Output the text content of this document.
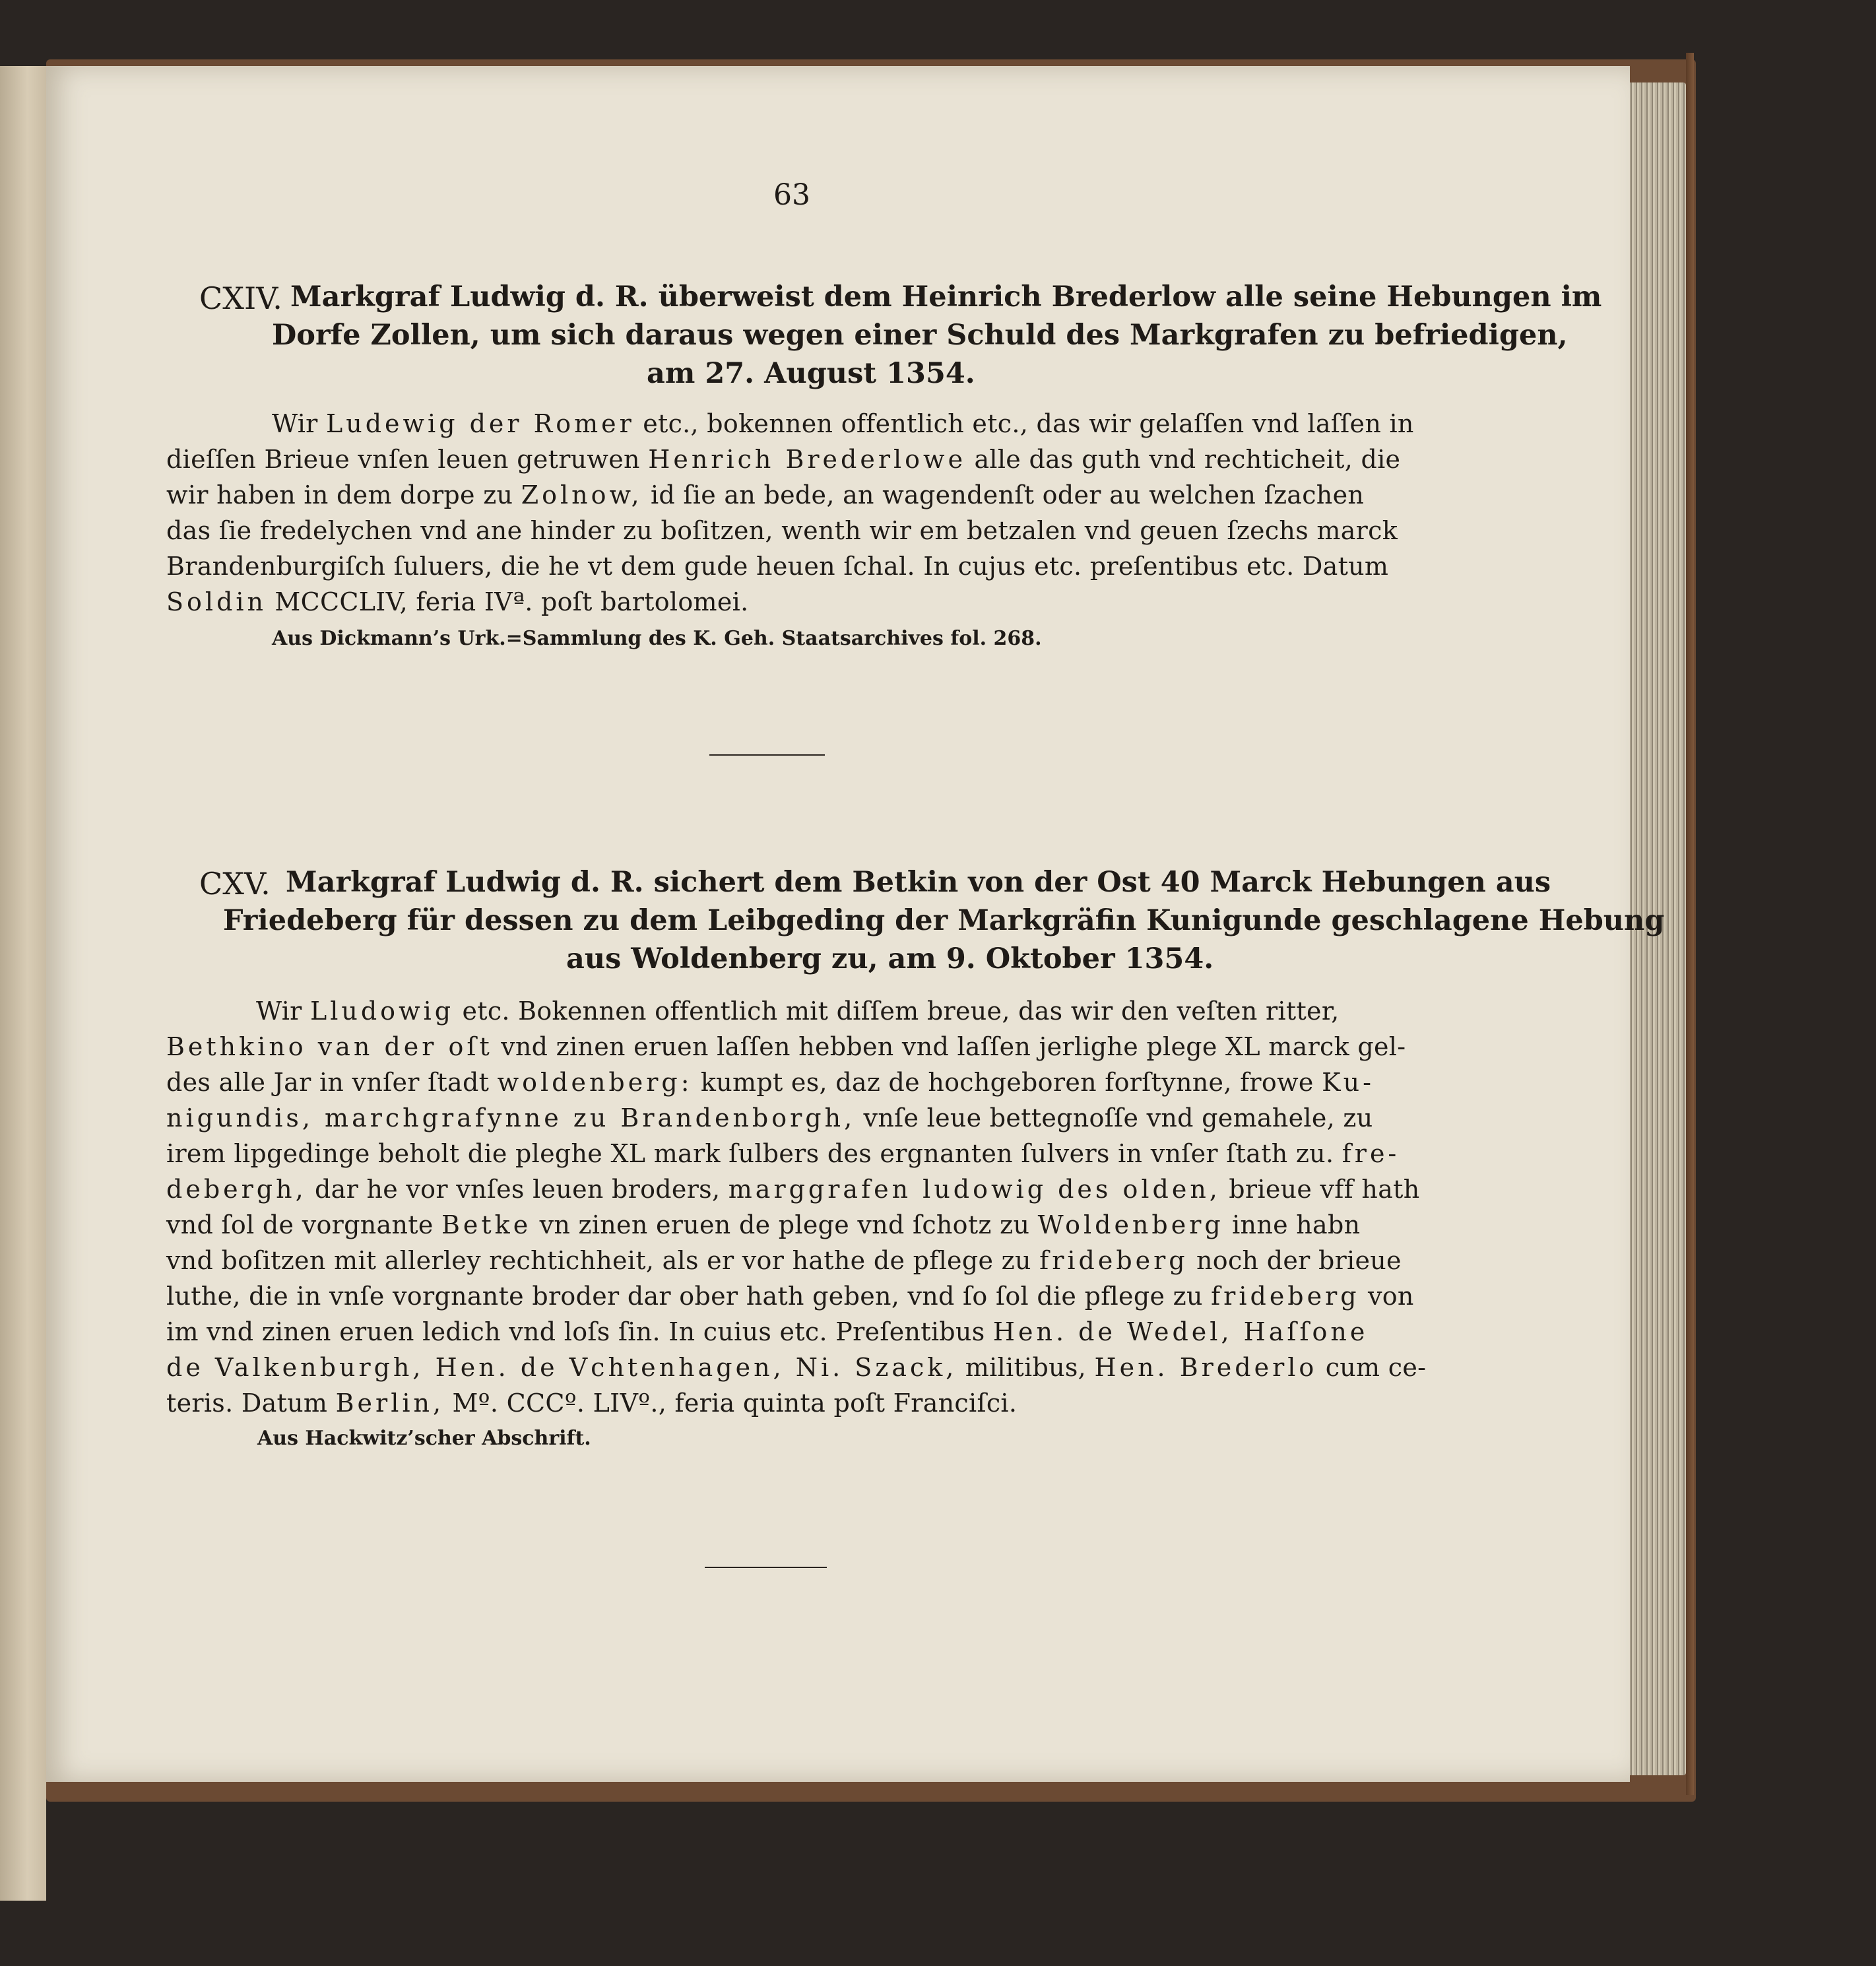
63
CXIV. Markgraf Ludwig d. R. überweist dem Heinrich Brederlow alle seine Hebungen im
Dorfe Zollen, um sich daraus wegen einer Schuld des Markgrafen zu befriedigen,
am 27. August 1354.
Wir Ludewig der Romer etc., bokennen offentlich etc., das wir gelaſſen vnd laſſen in
dieſſen Brieue vnſen leuen getruwen Henrich Brederlowe alle das guth vnd rechticheit, die
wir haben in dem dorpe zu Zolnow, id ſie an bede, an wagendenſt oder au welchen ſzachen
das ſie fredelychen vnd ane hinder zu boſitzen, wenth wir em betzalen vnd geuen ſzechs marck
Brandenburgiſch ſuluers, die he vt dem gude heuen ſchal. In cujus etc. preſentibus etc. Datum
Soldin MCCCLIV, feria IVª. poſt bartolomei.
Aus Dickmann’s Urk.=Sammlung des K. Geh. Staatsarchives fol. 268.
CXV. Markgraf Ludwig d. R. sichert dem Betkin von der Ost 40 Marck Hebungen aus
Friedeberg für dessen zu dem Leibgeding der Markgräfin Kunigunde geschlagene Hebung
aus Woldenberg zu, am 9. Oktober 1354.
Wir Lludowig etc. Bokennen offentlich mit diſſem breue, das wir den veſten ritter,
Bethkino van der oſt vnd zinen eruen laſſen hebben vnd laſſen jerlighe plege XL marck gel-
des alle Jar in vnſer ſtadt woldenberg: kumpt es, daz de hochgeboren forſtynne, frowe Ku-
nigundis, marchgrafynne zu Brandenborgh, vnſe leue bettegnoſſe vnd gemahele, zu
irem lipgedinge beholt die pleghe XL mark ſulbers des ergnanten ſulvers in vnſer ſtath zu. fre-
debergh, dar he vor vnſes leuen broders, marggrafen ludowig des olden, brieue vff hath
vnd ſol de vorgnante Betke vn zinen eruen de plege vnd ſchotz zu Woldenberg inne habn
vnd boſitzen mit allerley rechtichheit, als er vor hathe de pflege zu frideberg noch der brieue
luthe, die in vnſe vorgnante broder dar ober hath geben, vnd ſo ſol die pflege zu frideberg von
im vnd zinen eruen ledich vnd loſs ſin. In cuius etc. Preſentibus Hen. de Wedel, Haſſone
de Valkenburgh, Hen. de Vchtenhagen, Ni. Szack, militibus, Hen. Brederlo cum ce-
teris. Datum Berlin, Mº. CCCº. LIVº., feria quinta poſt Franciſci.
Aus Hackwitz’scher Abschrift.
